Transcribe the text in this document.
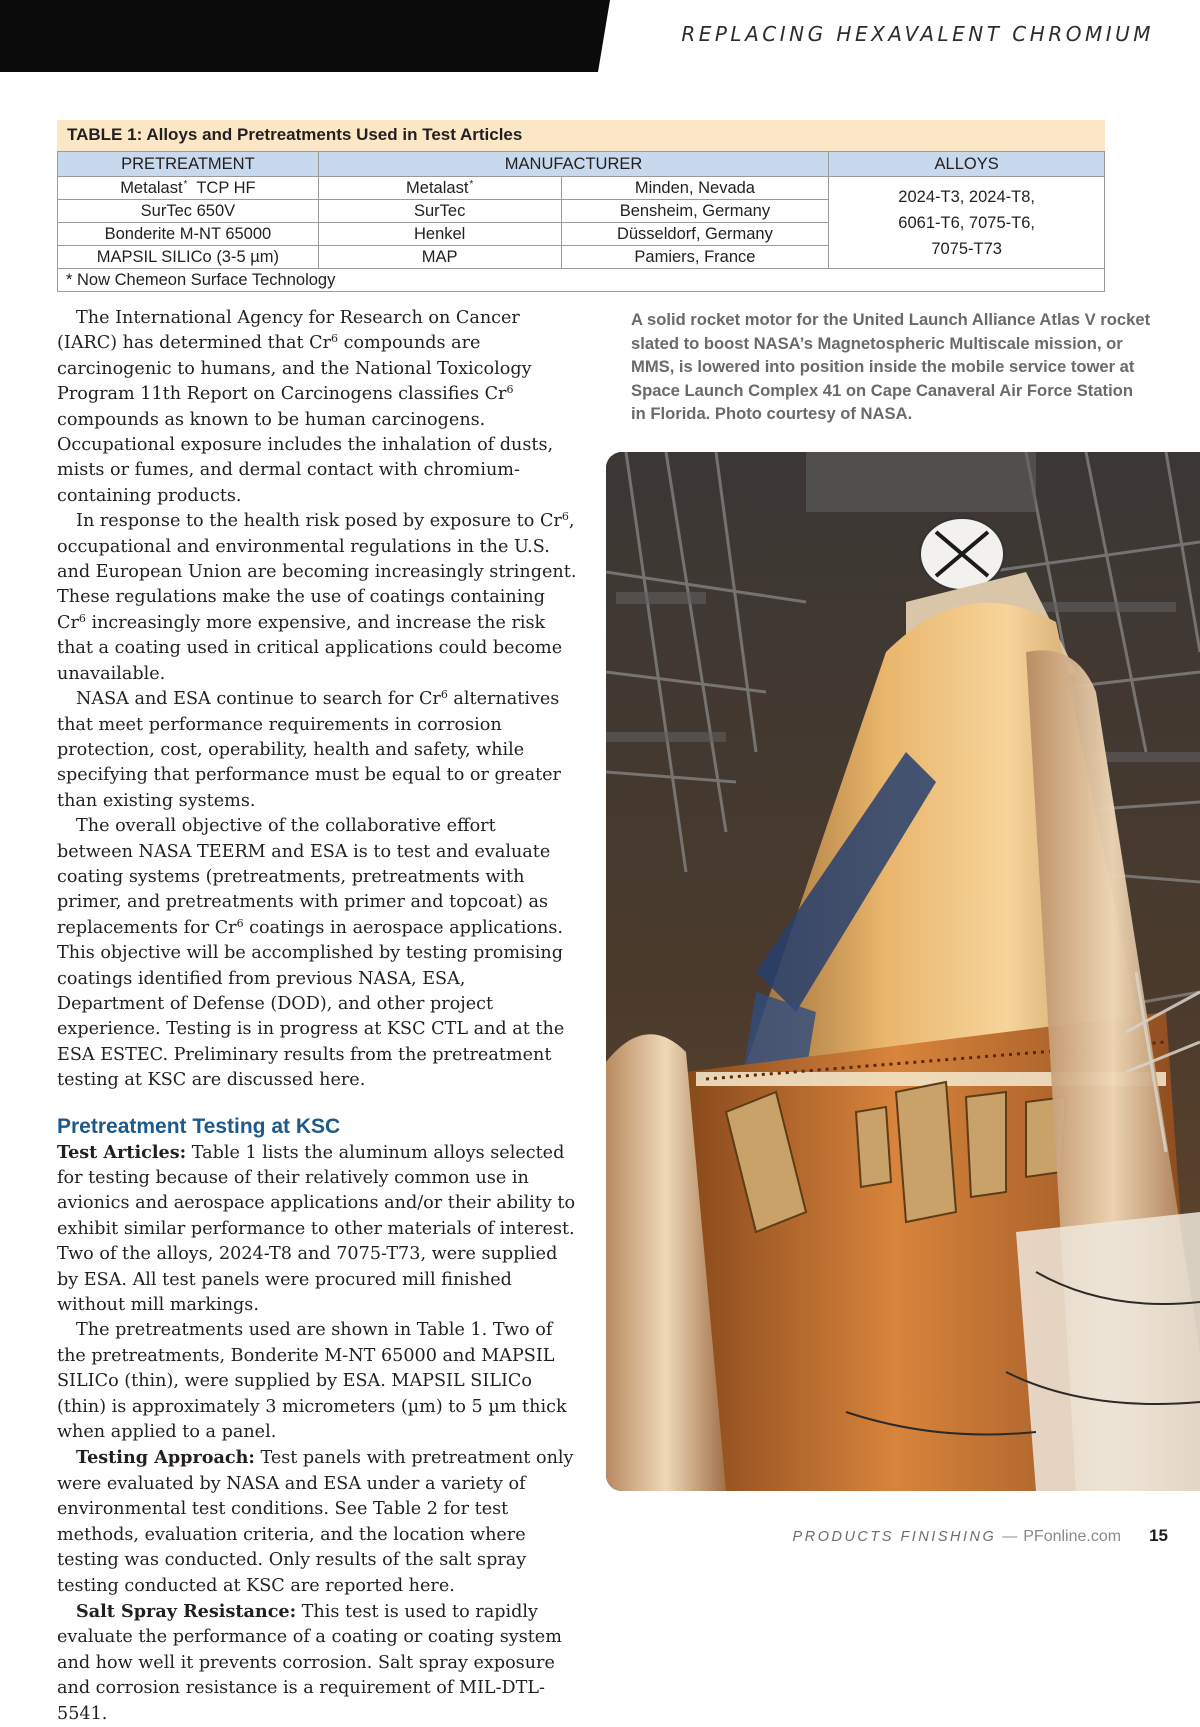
REPLACING HEXAVALENT CHROMIUM
TABLE 1: Alloys and Pretreatments Used in Test Articles
PRETREATMENT	MANUFACTURER		ALLOYS
Metalast* TCP HF	Metalast*	Minden, Nevada	2024-T3, 2024-T8,
6061-T6, 7075-T6,
7075-T73

SurTec 650V	SurTec	Bensheim, Germany	
Bonderite M-NT 65000	Henkel	Düsseldorf, Germany	
MAPSIL SILICo (3-5 µm)	MAP	Pamiers, France	
* Now Chemeon Surface Technology			

The International Agency for Research on Cancer (IARC) has determined that Cr$^6$ compounds are carcinogenic to humans, and the National Toxicology Program 11th Report on Carcinogens classifies Cr$^6$ compounds as known to be human carcinogens. Occupational exposure includes the inhalation of dusts, mists or fumes, and dermal contact with chromium-containing products.

In response to the health risk posed by exposure to Cr$^6$, occupational and environmental regulations in the U.S. and European Union are becoming increasingly stringent. These regulations make the use of coatings containing Cr$^6$ increasingly more expensive, and increase the risk that a coating used in critical applications could become unavailable.

NASA and ESA continue to search for Cr$^6$ alternatives that meet performance requirements in corrosion protection, cost, operability, health and safety, while specifying that performance must be equal to or greater than existing systems.

The overall objective of the collaborative effort between NASA TEERM and ESA is to test and evaluate coating systems (pretreatments, pretreatments with primer, and pretreatments with primer and topcoat) as replacements for Cr$^6$ coatings in aerospace applications. This objective will be accomplished by testing promising coatings identified from previous NASA, ESA, Department of Defense (DOD), and other project experience. Testing is in progress at KSC CTL and at the ESA ESTEC. Preliminary results from the pretreatment testing at KSC are discussed here.

Pretreatment Testing at KSC

Test Articles: Table 1 lists the aluminum alloys selected for testing because of their relatively common use in avionics and aerospace applications and/or their ability to exhibit similar performance to other materials of interest. Two of the alloys, 2024-T8 and 7075-T73, were supplied by ESA. All test panels were procured mill finished without mill markings.

The pretreatments used are shown in Table 1. Two of the pretreatments, Bonderite M-NT 65000 and MAPSIL SILICo (thin), were supplied by ESA. MAPSIL SILICo (thin) is approximately 3 micrometers (µm) to 5 µm thick when applied to a panel.

Testing Approach: Test panels with pretreatment only were evaluated by NASA and ESA under a variety of environmental test conditions. See Table 2 for test methods, evaluation criteria, and the location where testing was conducted. Only results of the salt spray testing conducted at KSC are reported here.

Salt Spray Resistance: This test is used to rapidly evaluate the performance of a coating or coating system and how well it prevents corrosion. Salt spray exposure and corrosion resistance is a requirement of MIL-DTL-5541.

A solid rocket motor for the United Launch Alliance Atlas V rocket slated to boost NASA’s Magnetospheric Multiscale mission, or MMS, is lowered into position inside the mobile service tower at Space Launch Complex 41 on Cape Canaveral Air Force Station in Florida. Photo courtesy of NASA.
PRODUCTS FINISHING — PFonline.com 15
